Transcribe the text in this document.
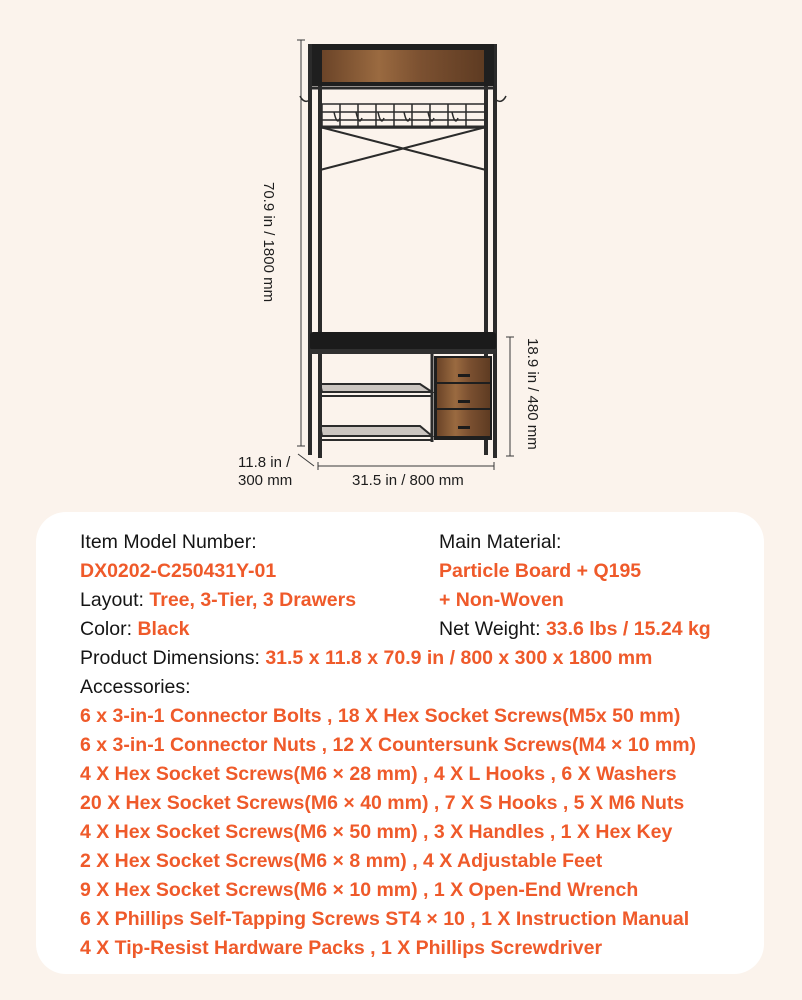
70.9 in / 1800 mm
18.9 in / 480 mm
11.8 in /
300 mm	31.5 in / 800 mm
Item Model Number:
DX0202-C250431Y-01
Layout: Tree, 3-Tier, 3 Drawers
Color: Black
Main Material:
Particle Board + Q195
+ Non-Woven
Net Weight: 33.6 lbs / 15.24 kg
Product Dimensions: 31.5 x 11.8 x 70.9 in / 800 x 300 x 1800 mm
Accessories:
6 x 3-in-1 Connector Bolts , 18 X Hex Socket Screws(M5x 50 mm)
6 x 3-in-1 Connector Nuts , 12 X Countersunk Screws(M4 × 10 mm)
4 X Hex Socket Screws(M6 × 28 mm) , 4 X L Hooks , 6 X Washers
20 X Hex Socket Screws(M6 × 40 mm) , 7 X S Hooks , 5 X M6 Nuts
4 X Hex Socket Screws(M6 × 50 mm) , 3 X Handles , 1 X Hex Key
2 X Hex Socket Screws(M6 × 8 mm) , 4 X Adjustable Feet
9 X Hex Socket Screws(M6 × 10 mm) , 1 X Open-End Wrench
6 X Phillips Self-Tapping Screws ST4 × 10 , 1 X Instruction Manual
4 X Tip-Resist Hardware Packs , 1 X Phillips Screwdriver
